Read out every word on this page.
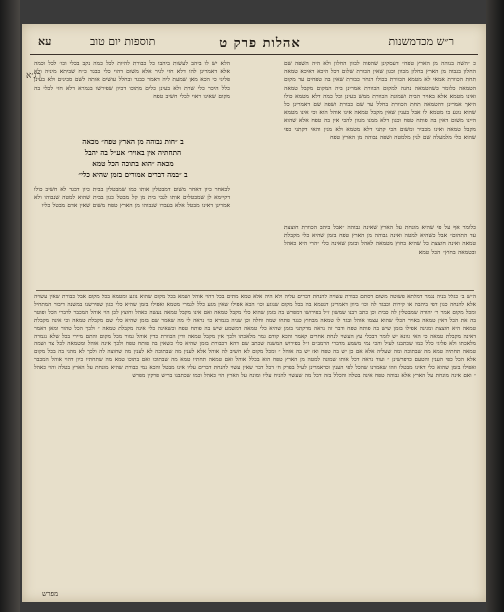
ר״ש מכדמשנות
אהלות פרק ט
תוספות יום טוב
עא
רג׳א
כ ״השה בנוהה מן הארץ טפח״ דעסקינן שהפוה לכוון החלון ולא היה השפה שם החלון בגבוה מן הארץ בחלון מכוון וכגון שאין הכורת שלום דכל היכא דאיכא טמאה תחת הכוורת אמאי לא מטמא הכוורת בכולו דגחר כבורת שאין בה טפחים עד מקום הטמאה כלומר כשהטמאה נחנה למקום הכוורת אמרינן ביה המקום מקבל טמאה ואינו מטמא אלא באויר הבית ושמונת הכוורת ממש בעינן וכל כמה דלא מטמא כולו היאך אמרינן דהטמאה תחת הכוורת בחלל עד שם כבורת ושפה שם דאמרינן כל שהוא נוגע בו מטמא לו אבל בענין שאין מקבל טמאה אינו אוהל הוא וכי אינו מטמא היינו משום דאין בה פותח טפח וכגון דלא ממנו מגוון להכי אין בה טפח אלא שהוא מקבל טמאה ואינו מכביר ומשום הכי קתני דלא מטמא ולא מגין והאי דקתני כפי שהוא כלי מלמעלה שם לנין מלמטה ושפה נבוהה מן הארץ טפח
הלא יש לו ביהב לעשות ביהבו כל כבורת להיות לכל כמה נקב בכלי וכו׳ לכל וכמה אלא דאמרינן להו דלא חזי לגיר אלא משום דהוי כלי כבגד כ״ח שביתא מיניה ולא פליגי כי הכא מאן שמעת ליה דאמר כבגד ובחלל עושים אותה לשם סכינים ולא בעינן כלל היכר כלי שרת ולא בעינן כלים מתוכו דכיון שפירשו בגמרא דלא חזי לכלי בה מקום שאינו ראוי לכלי חשיב טפח
ב ״חות נבוהה מן הארץ טפח״ מכאה
התחתיה אין באויר׳ אע״ל בה יהבל
מכאה ״הוא בתוכה הכל טמא
ב ״במה דברים אמורים בזמן שהיא כלי״
לכאחר כיון דאחר משום דמבטלין אותו כמו שמבטלין בבית כיון דבגד לא חשיב כולו דקיימא לן שמבטלים אותו לגבי בית מן קל מבטל כגון בבית שהוא למטה שנבוהו ולא אמרינן דאינו מבטל אלא בעבדו שנבוהו מן הארץ טפח משום שאין אדם מבטל כליו
כלומר אף על פי שהיא מונחת על הארץ שאינה גבוהה ״אבל ביהב הכוורת חוצצת עד התהום״ אבל כשהיא למטה ואינה גבוהה מן הארץ טפח בזמן שהיא כלי מקבלת טמאה ואינה חוצצת כל שהיא בחוץ מטמאה לאהל ובזמן שאינה כלי ״הרי היא כאהל ובטמאה בחוץ״ הכל טמא
ה״ש ב׳ כגלל בניה נגמר דמלתא פשוטה משום דסתם כבורת עשויה להנחת דברים עליה ולא היה אלא טמא מתים בכל דהוי אוהל ושמא בכל מקום שהוא נוגע ומטמא בכל מקום אבל כבורת שאין עשויה אלא להנחה כגון דפי ביהבה או קירות וכבגד לה וכו׳ ביוון דאמרינן דנטמא בה בכל מקום שנוגע וכו׳ הכא אפילו שאין מגע כלל לגמרי מטמא ואפילו בזמן שהיא כלי כגון שפירשנו במשנה דיבור המתחיל ומכל מקום אמר ר׳ יהודה שמבטלין לה כבית וכן כתב רבנו שמשון ז״ל בפירושו דמפרש בה בזמן שהוא כלי מקבל טמאה ואם אינו מקבל טמאה נעשה כאהל וחוצץ לכן הוי אוהל המכבר לדברי הכל ופוטר בה את הכל דאין טמאה באויר הכלי שהוא עצמו אוהל ובגד לו טמאה מבחוץ כנגד פתחו שמה וחלה וכן שניה בגמרא כו׳ נראה לי מה שאמר שם בזמן שהיא כלי שם מקבלת טמאה וכי אינה מקבלת טמאה היא חוצצת ומגינה אפילו בזמן שיש בה פותח טפח ודבר זה נראה מדקתני בזמן שהיא כלי טמאה דמשמע שיש בה פותח טפח וכשאינה כלי אינה מקבלת טמאה ״ ולכך הכל טהור ומאן דאמר דאינה מקבלת טמאה כי האי גוונא יש לומר דבכלי עץ העשוי לנחת אחרים קאמר והכא קודם גמר מלאכתו ולכך אין מקבל טמאה ודין הכוורת כדין אוהל גמור מכל מקום והתם מיירי בכל שלא נגמרה מלאכתו ולא פליגי כלל כמו שכתבנו לעיל והכי נמי משמע מדברי הרמב״ם ז״ל בפירוש המשנה שכתב שם דהא דכבורת בזמן שהיא כלי כשאין בה פותח טפח ולכך אינה אוהל ומטמאה לכל צד ושמה טמאה תחתיה טמא מה שבתוכה ומה שעליה אלא אם כן יש בה טפח ואז יש בה אוהל ״ ומכל מקום לא חשיב לה אוהל אלא לענין מה שבתוכה לא לענין מה שחוצה לה ולכך לא מהני בה בכל מקום אלא הכל כפי הענין והטעם כדפרשינן ״ ועוד נראה דכל אותו שמונה למטה מן הארץ טפח הוא בכלל אוהל ואם טמאה תחתיו טמא מה שבתוכו ואם בתוכו טמא מה שתחתיו כיון דהוי אוהל המכבר ואפילו בזמן שהוא כלי דאינו מבטלו וזהו שאמרנו שהכל לפי הענין וכדאמרינן לעיל בפרק ח׳ דכל דבר שאין עשוי להנחת דברים עליו אינו מבטל והכא נמי כבורת שהיא מונחת על הארץ בטלה והוי כאהל ״ ואם אינה מונחת על הארץ אלא גבוהה טפח אינה בטלה והכלל בזה דכל מה שעשוי להניח עליו ומונח על הארץ הוי כאהל וכמו שכתבנו בריש פרקין מפרש
מפרש
